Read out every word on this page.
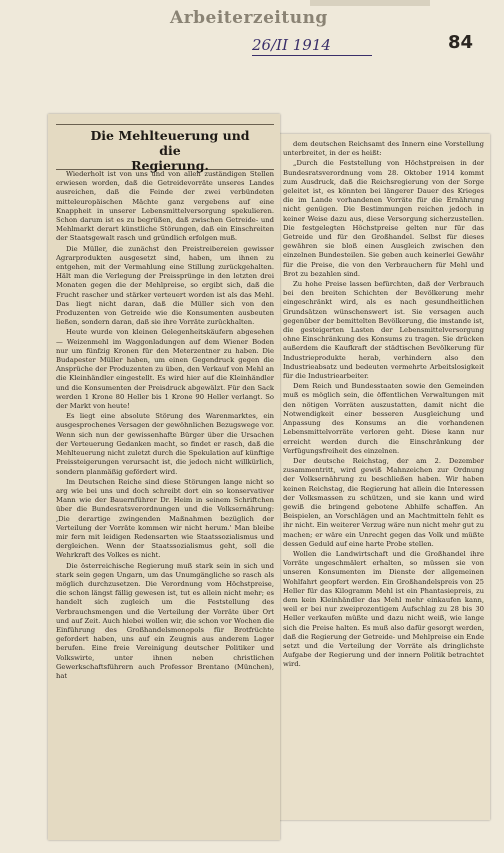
Arbeiterzeitung
26/II 1914	84
Die Mehlteuerung und die
Regierung.

Wiederholt ist von uns und von allen zuständigen Stellen erwiesen worden, daß die Getreidevorräte unseres Landes ausreichen, daß die Feinde der zwei verbündeten mitteleuropäischen Mächte ganz vergebens auf eine Knappheit in unserer Lebensmittelversorgung spekulieren. Schon darum ist es zu begrüßen, daß zwischen Getreide- und Mehlmarkt derart künstliche Störungen, daß ein Einschreiten der Staatsgewalt rasch und gründlich erfolgen muß.

Die Müller, die zunächst den Preistreibereien gewisser Agrarprodukten ausgesetzt sind, haben, um ihnen zu entgehen, mit der Vermahlung eine Stillung zurückgehalten. Hält man die Verlegung der Preissprünge in den letzten drei Monaten gegen die der Mehlpreise, so ergibt sich, daß die Frucht rascher und stärker verteuert worden ist als das Mehl. Das liegt nicht daran, daß die Müller sich von den Produzenten von Getreide wie die Konsumenten ausbeuten ließen, sondern daran, daß sie ihre Vorräte zurückhalten.

Heute wurde von kleinen Gelegenheitskäufern abgesehen — Weizenmehl im Waggonladungen auf dem Wiener Boden nur um fünfzig Kronen für den Meterzentner zu haben. Die Budapester Müller haben, um einen Gegendruck gegen die Ansprüche der Produzenten zu üben, den Verkauf von Mehl an die Kleinhändler eingestellt. Es wird hier auf die Kleinhändler und die Konsumenten der Preisdruck abgewälzt. Für den Sack werden 1 Krone 80 Heller bis 1 Krone 90 Heller verlangt. So der Markt von heute!

Es liegt eine absolute Störung des Warenmarktes, ein ausgesprochenes Versagen der gewöhnlichen Bezugswege vor. Wenn sich nun der gewissenhafte Bürger über die Ursachen der Verteuerung Gedanken macht, so findet er rasch, daß die Mehlteuerung nicht zuletzt durch die Spekulation auf künftige Preissteigerungen verursacht ist, die jedoch nicht willkürlich, sondern planmäßig gefördert wird.

Im Deutschen Reiche sind diese Störungen lange nicht so arg wie bei uns und doch schreibt dort ein so konservativer Mann wie der Bauernführer Dr. Heim in seinem Schriftchen über die Bundesratsverordnungen und die Volksernährung: ,Die derartige zwingenden Maßnahmen bezüglich der Verteilung der Vorräte kommen wir nicht herum.' Man bleibe mir fern mit leidigen Redensarten wie Staatssozialismus und dergleichen. Wenn der Staatssozialismus geht, soll die Wehrkraft des Volkes es nicht.

Die österreichische Regierung muß stark sein in sich und stark sein gegen Ungarn, um das Unumgängliche so rasch als möglich durchzusetzen. Die Verordnung vom Höchstpreise, die schon längst fällig gewesen ist, tut es allein nicht mehr; es handelt sich zugleich um die Feststellung des Verbrauchsmengen und die Verteilung der Vorräte über Ort und auf Zeit. Auch hiebei wollen wir, die schon vor Wochen die Einführung des Großhandelsmonopols für Brotfrüchte gefordert haben, uns auf ein Zeugnis aus anderem Lager berufen. Eine freie Vereinigung deutscher Politiker und Volkswirte, unter ihnen neben christlichen Gewerkschaftsführern auch Professor Brentano (München), hat

dem deutschen Reichsamt des Innern eine Vorstellung unterbreitet, in der es heißt:

„Durch die Feststellung von Höchstpreisen in der Bundesratsverordnung vom 28. Oktober 1914 kommt zum Ausdruck, daß die Reichsregierung von der Sorge geleitet ist, es könnten bei längerer Dauer des Krieges die im Lande vorhandenen Vorräte für die Ernährung nicht genügen. Die Bestimmungen reichen jedoch in keiner Weise dazu aus, diese Versorgung sicherzustellen. Die festgelegten Höchstpreise gelten nur für das Getreide und für den Großhandel. Selbst für dieses gewähren sie bloß einen Ausgleich zwischen den einzelnen Bundesteilen. Sie geben auch keinerlei Gewähr für die Preise, die von den Verbrauchern für Mehl und Brot zu bezahlen sind.

Zu hohe Preise lassen befürchten, daß der Verbrauch bei den breiten Schichten der Bevölkerung mehr eingeschränkt wird, als es nach gesundheitlichen Grundsätzen wünschenswert ist. Sie versagen auch gegenüber der bemittelten Bevölkerung, die imstande ist, die gesteigerten Lasten der Lebensmittelversorgung ohne Einschränkung des Konsums zu tragen. Sie drücken außerdem die Kaufkraft der städtischen Bevölkerung für Industrieprodukte herab, verhindern also den Industrieabsatz und bedeuten vermehrte Arbeitslosigkeit für die Industriearbeiter.

Dem Reich und Bundesstaaten sowie den Gemeinden muß es möglich sein, die öffentlichen Verwaltungen mit den nötigen Vorräten auszustatten, damit nicht die Notwendigkeit einer besseren Ausgleichung und Anpassung des Konsums an die vorhandenen Lebensmittelvorräte verloren geht. Diese kann nur erreicht werden durch die Einschränkung der Verfügungsfreiheit des einzelnen.

Der deutsche Reichstag, der am 2. Dezember zusammentritt, wird gewiß Mahnzeichen zur Ordnung der Volksernährung zu beschließen haben. Wir haben keinen Reichstag, die Regierung hat allein die Interessen der Volksmassen zu schützen, und sie kann und wird gewiß die bringend gebotene Abhilfe schaffen. An Beispielen, an Vorschlägen und an Machtmitteln fehlt es ihr nicht. Ein weiterer Verzug wäre nun nicht mehr gut zu machen; er wäre ein Unrecht gegen das Volk und müßte dessen Geduld auf eine harte Probe stellen.

Wollen die Landwirtschaft und die Großhandel ihre Vorräte ungeschmälert erhalten, so müssen sie von unseren Konsumenten im Dienste der allgemeinen Wohlfahrt geopfert werden. Ein Großhandelspreis von 25 Heller für das Kilogramm Mehl ist ein Phantasiepreis, zu dem kein Kleinhändler das Mehl mehr einkaufen kann, weil er bei nur zweiprozentigem Aufschlag zu 28 bis 30 Heller verkaufen müßte und dazu nicht weiß, wie lange sich die Preise halten. Es muß also dafür gesorgt werden, daß die Regierung der Getreide- und Mehlpreise ein Ende setzt und die Verteilung der Vorräte als dringlichste Aufgabe der Regierung und der innern Politik betrachtet wird.
